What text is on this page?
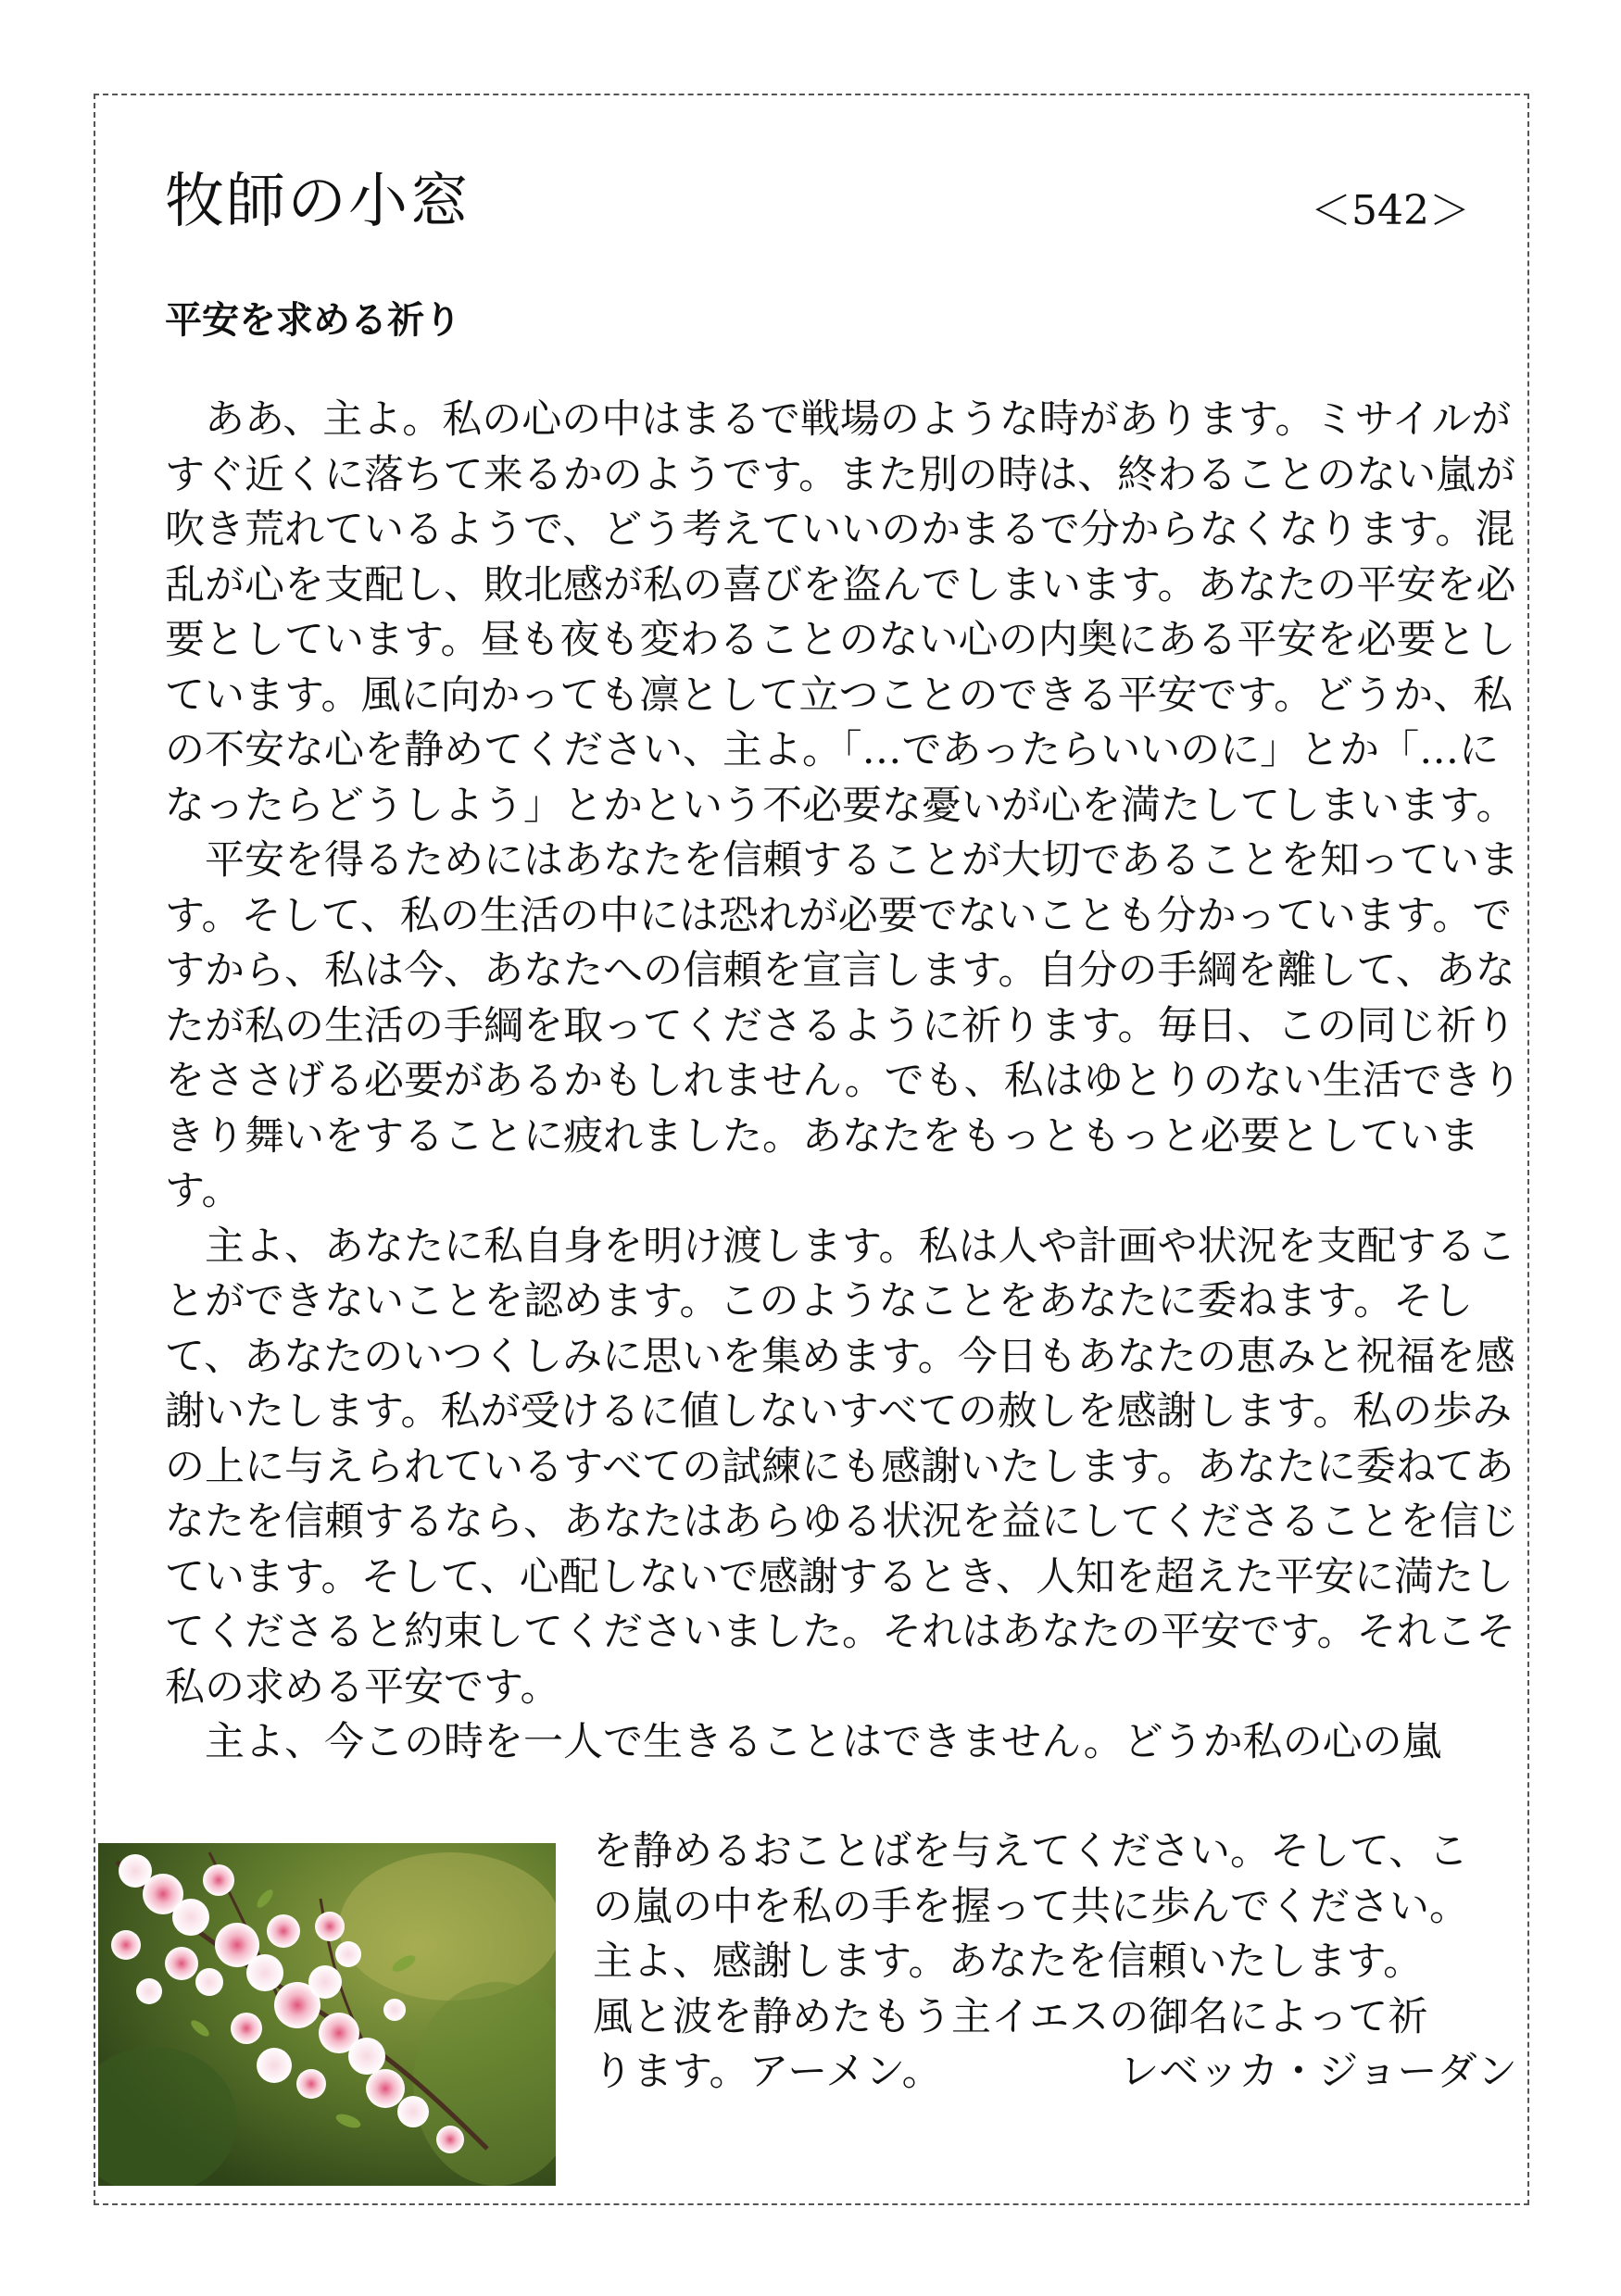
牧師の小窓	＜542＞
平安を求める祈り

ああ、主よ。私の心の中はまるで戦場のような時があります。ミサイルがすぐ近くに落ちて来るかのようです。また別の時は、終わることのない嵐が吹き荒れているようで、どう考えていいのかまるで分からなくなります。混乱が心を支配し、敗北感が私の喜びを盗んでしまいます。あなたの平安を必要としています。昼も夜も変わることのない心の内奥にある平安を必要としています。風に向かっても凛として立つことのできる平安です。どうか、私の不安な心を静めてください、主よ。「…であったらいいのに」とか「…になったらどうしよう」とかという不必要な憂いが心を満たしてしまいます。

平安を得るためにはあなたを信頼することが大切であることを知っています。そして、私の生活の中には恐れが必要でないことも分かっています。ですから、私は今、あなたへの信頼を宣言します。自分の手綱を離して、あなたが私の生活の手綱を取ってくださるように祈ります。毎日、この同じ祈りをささげる必要があるかもしれません。でも、私はゆとりのない生活できりきり舞いをすることに疲れました。あなたをもっともっと必要としています。

主よ、あなたに私自身を明け渡します。私は人や計画や状況を支配することができないことを認めます。このようなことをあなたに委ねます。そして、あなたのいつくしみに思いを集めます。今日もあなたの恵みと祝福を感謝いたします。私が受けるに値しないすべての赦しを感謝します。私の歩みの上に与えられているすべての試練にも感謝いたします。あなたに委ねてあなたを信頼するなら、あなたはあらゆる状況を益にしてくださることを信じています。そして、心配しないで感謝するとき、人知を超えた平安に満たしてくださると約束してくださいました。それはあなたの平安です。それこそ私の求める平安です。

主よ、今この時を一人で生きることはできません。どうか私の心の嵐

を静めるおことばを与えてください。そして、こ
の嵐の中を私の手を握って共に歩んでください。
主よ、感謝します。あなたを信頼いたします。
風と波を静めたもう主イエスの御名によって祈
ります。アーメン。	レベッカ・ジョーダン
